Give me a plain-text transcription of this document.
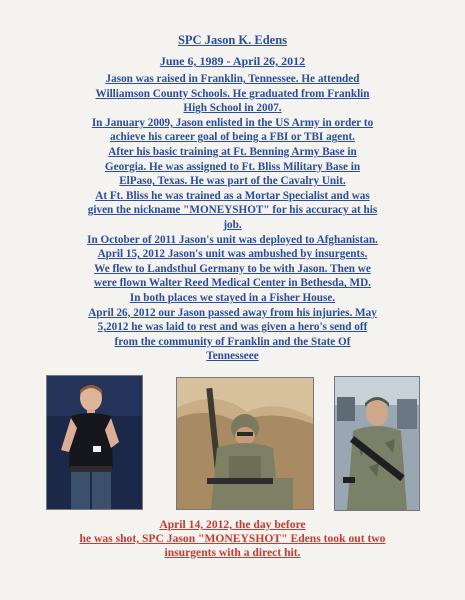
SPC Jason K. Edens
June 6, 1989 - April 26, 2012

Jason was raised in Franklin, Tennessee. He attended

Williamson County Schools. He graduated from Franklin

High School in 2007.

In January 2009, Jason enlisted in the US Army in order to

achieve his career goal of being a FBI or TBI agent.

After his basic training at Ft. Benning Army Base in

Georgia. He was assigned to Ft. Bliss Military Base in

ElPaso, Texas. He was part of the Cavalry Unit.

At Ft. Bliss he was trained as a Mortar Specialist and was

given the nickname "MONEYSHOT" for his accuracy at his

job.

In October of 2011 Jason's unit was deployed to Afghanistan.

April 15, 2012 Jason's unit was ambushed by insurgents.

We flew to Landsthul Germany to be with Jason. Then we

were flown Walter Reed Medical Center in Bethesda, MD.

In both places we stayed in a Fisher House.

April 26, 2012 our Jason passed away from his injuries. May

5,2012 he was laid to rest and was given a hero's send off

from the community of Franklin and the State Of

Tennesseee

April 14, 2012, the day before

he was shot, SPC Jason "MONEYSHOT" Edens took out two

insurgents with a direct hit.
